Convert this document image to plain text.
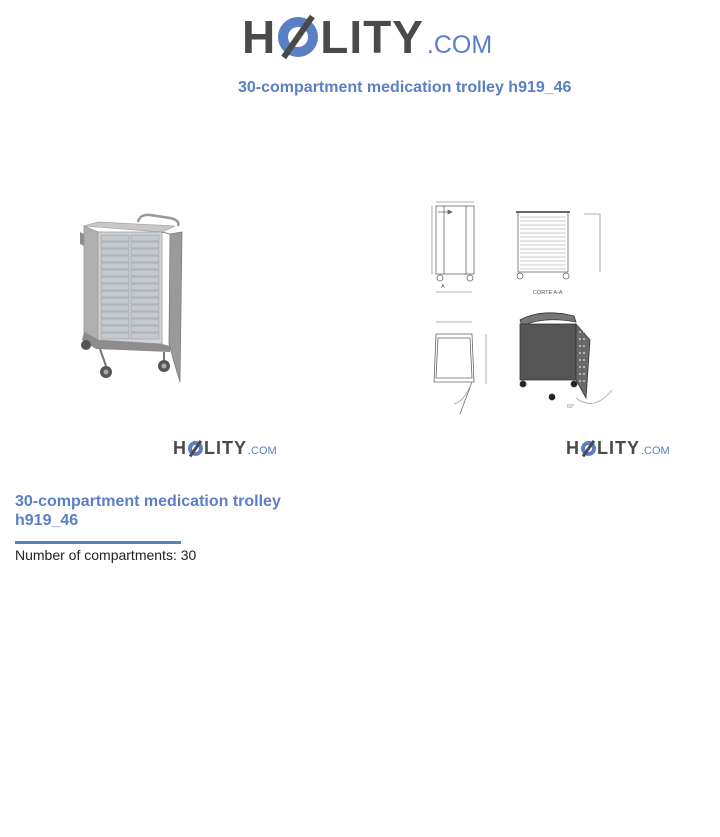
H LITY .COM
30-compartment medication trolley h919_46
60°
CORTE A-A
A
H LITY .COM	H LITY .COM
30-compartment medication trolley h919_46
Number of compartments: 30
